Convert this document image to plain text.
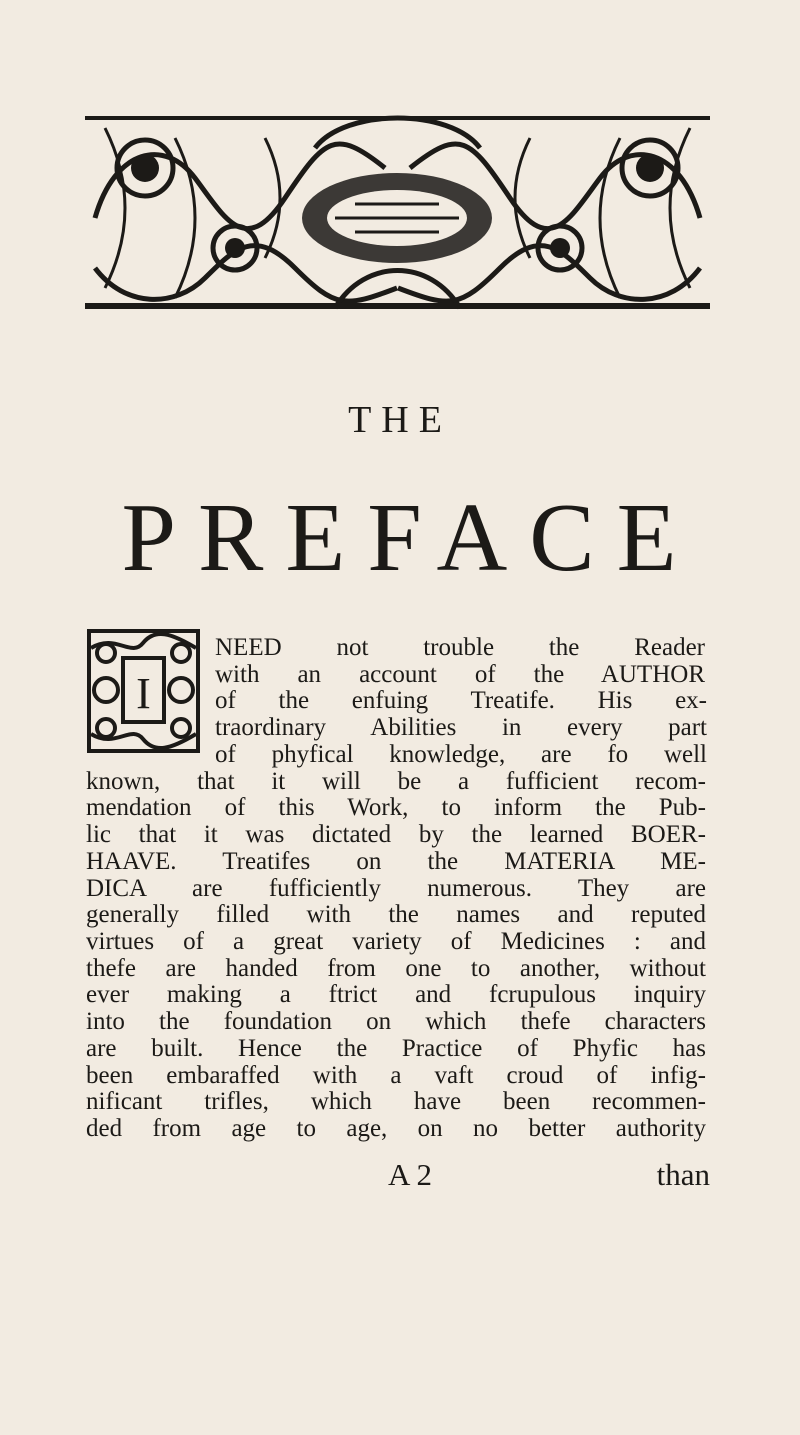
THE
PREFACE
I
NEED not trouble the Reader
with an account of the AUTHOR
of the enfuing Treatife. His ex-
traordinary Abilities in every part
of phyfical knowledge, are fo well
known, that it will be a fufficient recom-
mendation of this Work, to inform the Pub-
lic that it was dictated by the learned BOER-
HAAVE. Treatifes on the MATERIA ME-
DICA are fufficiently numerous. They are
generally filled with the names and reputed
virtues of a great variety of Medicines : and
thefe are handed from one to another, without
ever making a ftrict and fcrupulous inquiry
into the foundation on which thefe characters
are built. Hence the Practice of Phyfic has
been embaraffed with a vaft croud of infig-
nificant trifles, which have been recommen-
ded from age to age, on no better authority
A 2	than
